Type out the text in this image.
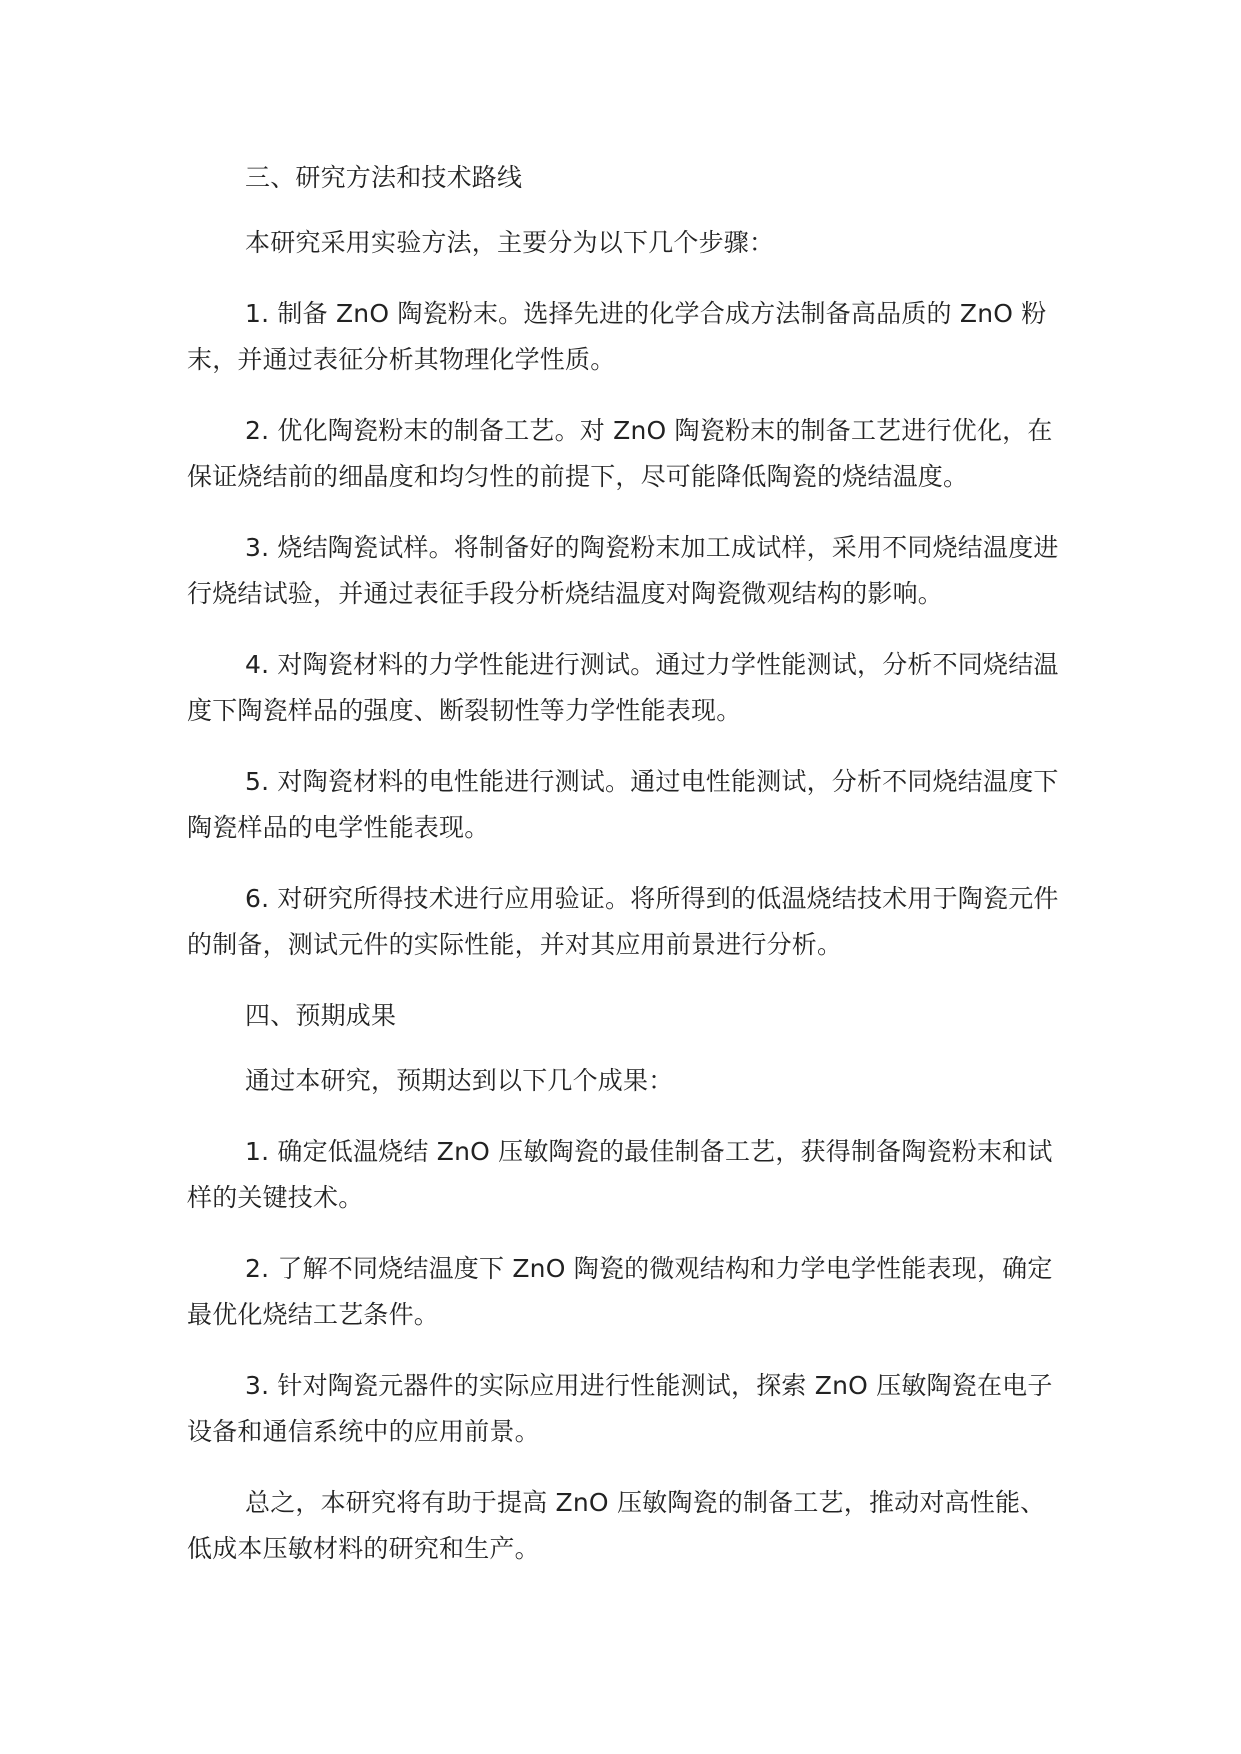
三、研究方法和技术路线

本研究采用实验方法，主要分为以下几个步骤：

1. 制备 ZnO 陶瓷粉末。选择先进的化学合成方法制备高品质的 ZnO 粉末，并通过表征分析其物理化学性质。

2. 优化陶瓷粉末的制备工艺。对 ZnO 陶瓷粉末的制备工艺进行优化，在保证烧结前的细晶度和均匀性的前提下，尽可能降低陶瓷的烧结温度。

3. 烧结陶瓷试样。将制备好的陶瓷粉末加工成试样，采用不同烧结温度进行烧结试验，并通过表征手段分析烧结温度对陶瓷微观结构的影响。

4. 对陶瓷材料的力学性能进行测试。通过力学性能测试，分析不同烧结温度下陶瓷样品的强度、断裂韧性等力学性能表现。

5. 对陶瓷材料的电性能进行测试。通过电性能测试，分析不同烧结温度下陶瓷样品的电学性能表现。

6. 对研究所得技术进行应用验证。将所得到的低温烧结技术用于陶瓷元件的制备，测试元件的实际性能，并对其应用前景进行分析。

四、预期成果

通过本研究，预期达到以下几个成果：

1. 确定低温烧结 ZnO 压敏陶瓷的最佳制备工艺，获得制备陶瓷粉末和试样的关键技术。

2. 了解不同烧结温度下 ZnO 陶瓷的微观结构和力学电学性能表现，确定最优化烧结工艺条件。

3. 针对陶瓷元器件的实际应用进行性能测试，探索 ZnO 压敏陶瓷在电子设备和通信系统中的应用前景。

总之，本研究将有助于提高 ZnO 压敏陶瓷的制备工艺，推动对高性能、低成本压敏材料的研究和生产。
